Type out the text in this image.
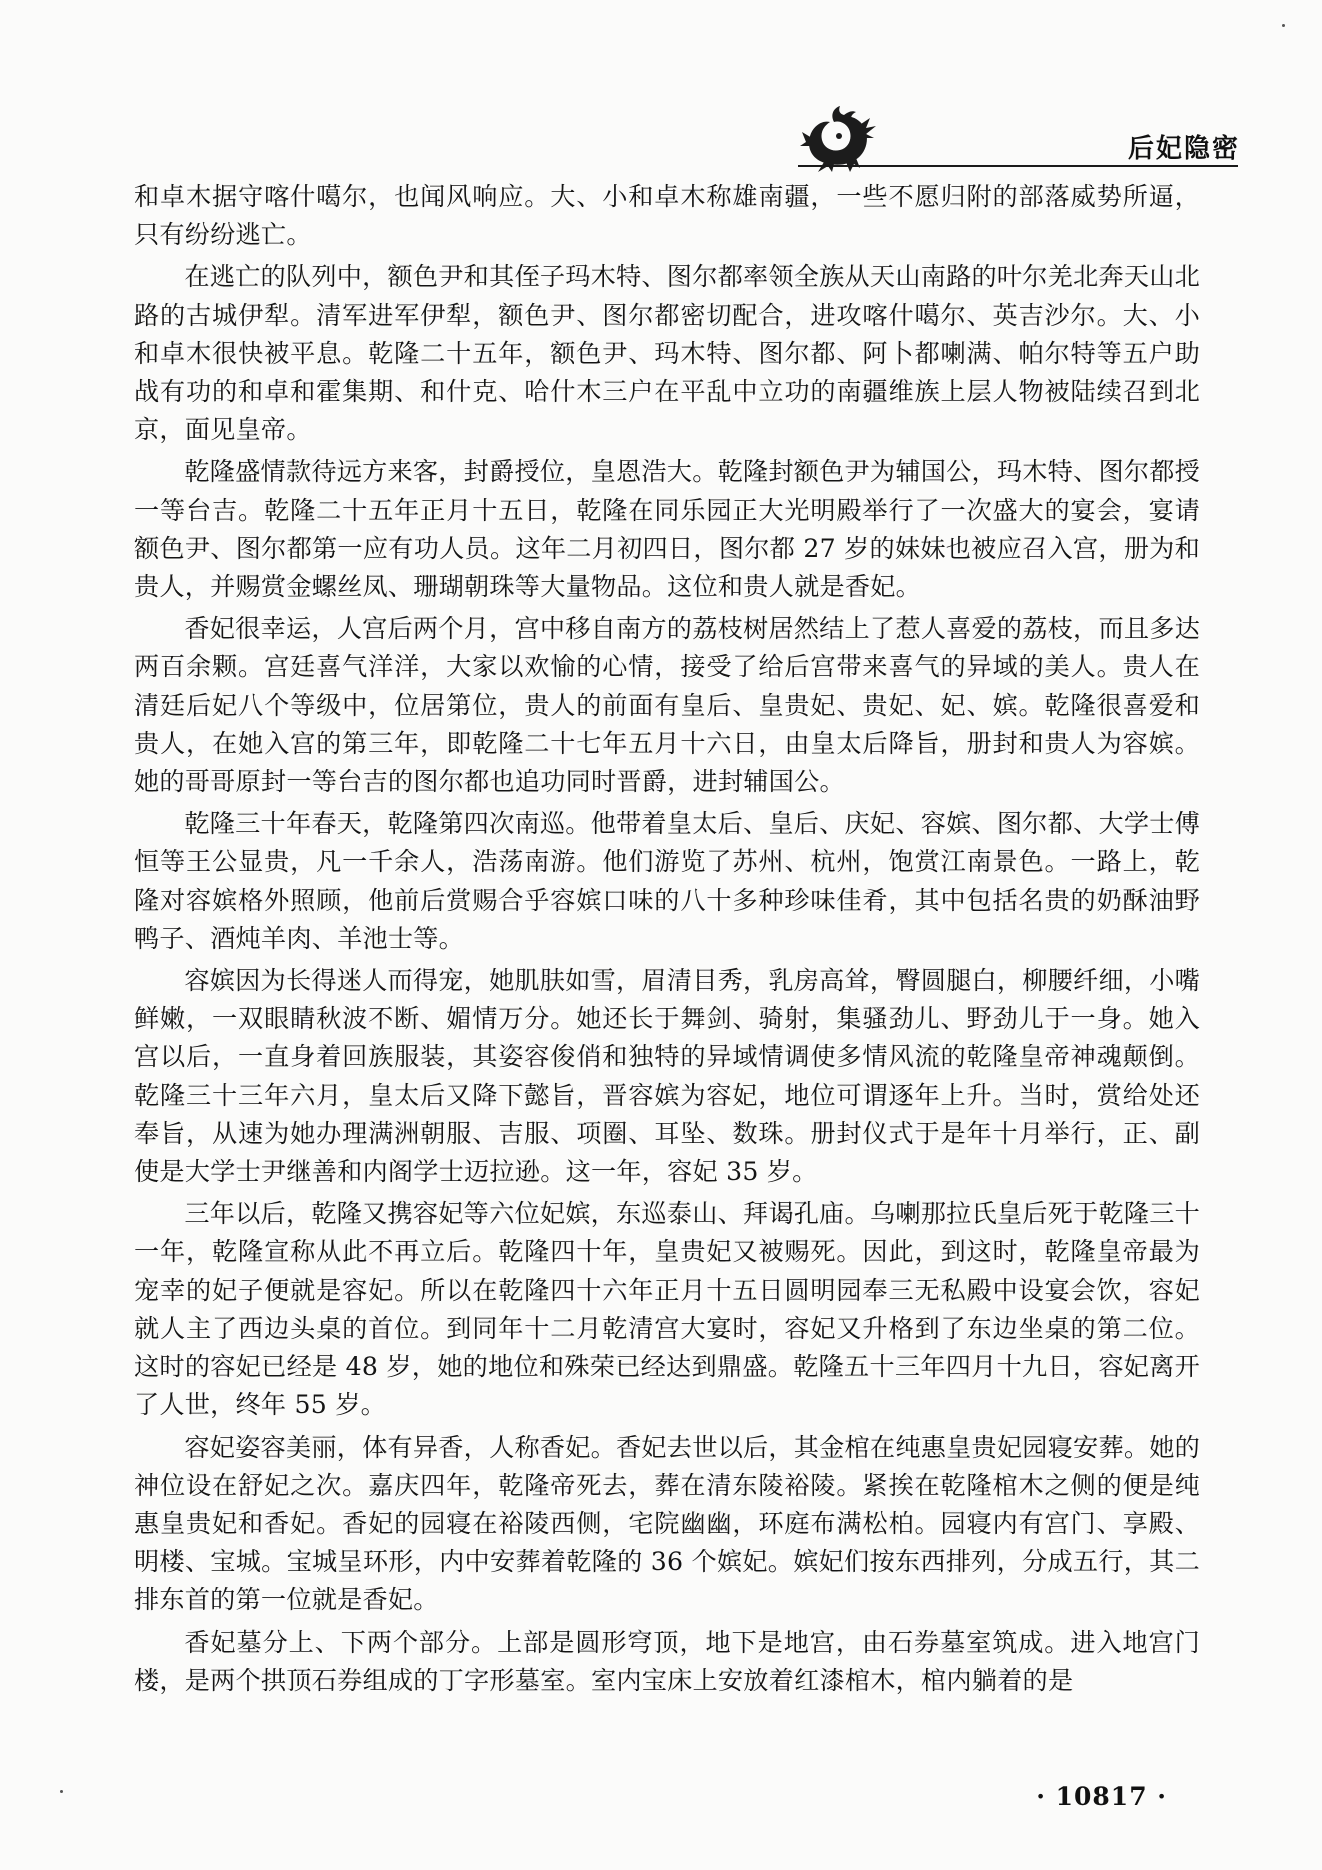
后妃隐密

和卓木据守喀什噶尔，也闻风响应。大、小和卓木称雄南疆，一些不愿归附的部落威势所逼，只有纷纷逃亡。

在逃亡的队列中，额色尹和其侄子玛木特、图尔都率领全族从天山南路的叶尔羌北奔天山北路的古城伊犁。清军进军伊犁，额色尹、图尔都密切配合，进攻喀什噶尔、英吉沙尔。大、小和卓木很快被平息。乾隆二十五年，额色尹、玛木特、图尔都、阿卜都喇满、帕尔特等五户助战有功的和卓和霍集期、和什克、哈什木三户在平乱中立功的南疆维族上层人物被陆续召到北京，面见皇帝。

乾隆盛情款待远方来客，封爵授位，皇恩浩大。乾隆封额色尹为辅国公，玛木特、图尔都授一等台吉。乾隆二十五年正月十五日，乾隆在同乐园正大光明殿举行了一次盛大的宴会，宴请额色尹、图尔都第一应有功人员。这年二月初四日，图尔都 27 岁的妹妹也被应召入宫，册为和贵人，并赐赏金螺丝凤、珊瑚朝珠等大量物品。这位和贵人就是香妃。

香妃很幸运，人宫后两个月，宫中移自南方的荔枝树居然结上了惹人喜爱的荔枝，而且多达两百余颗。宫廷喜气洋洋，大家以欢愉的心情，接受了给后宫带来喜气的异域的美人。贵人在清廷后妃八个等级中，位居第位，贵人的前面有皇后、皇贵妃、贵妃、妃、嫔。乾隆很喜爱和贵人，在她入宫的第三年，即乾隆二十七年五月十六日，由皇太后降旨，册封和贵人为容嫔。她的哥哥原封一等台吉的图尔都也追功同时晋爵，进封辅国公。

乾隆三十年春天，乾隆第四次南巡。他带着皇太后、皇后、庆妃、容嫔、图尔都、大学士傅恒等王公显贵，凡一千余人，浩荡南游。他们游览了苏州、杭州，饱赏江南景色。一路上，乾隆对容嫔格外照顾，他前后赏赐合乎容嫔口味的八十多种珍味佳肴，其中包括名贵的奶酥油野鸭子、酒炖羊肉、羊池士等。

容嫔因为长得迷人而得宠，她肌肤如雪，眉清目秀，乳房高耸，臀圆腿白，柳腰纤细，小嘴鲜嫩，一双眼睛秋波不断、媚情万分。她还长于舞剑、骑射，集骚劲儿、野劲儿于一身。她入宫以后，一直身着回族服装，其姿容俊俏和独特的异域情调使多情风流的乾隆皇帝神魂颠倒。乾隆三十三年六月，皇太后又降下懿旨，晋容嫔为容妃，地位可谓逐年上升。当时，赏给处还奉旨，从速为她办理满洲朝服、吉服、项圈、耳坠、数珠。册封仪式于是年十月举行，正、副使是大学士尹继善和内阁学士迈拉逊。这一年，容妃 35 岁。

三年以后，乾隆又携容妃等六位妃嫔，东巡泰山、拜谒孔庙。乌喇那拉氏皇后死于乾隆三十一年，乾隆宣称从此不再立后。乾隆四十年，皇贵妃又被赐死。因此，到这时，乾隆皇帝最为宠幸的妃子便就是容妃。所以在乾隆四十六年正月十五日圆明园奉三无私殿中设宴会饮，容妃就人主了西边头桌的首位。到同年十二月乾清宫大宴时，容妃又升格到了东边坐桌的第二位。这时的容妃已经是 48 岁，她的地位和殊荣已经达到鼎盛。乾隆五十三年四月十九日，容妃离开了人世，终年 55 岁。

容妃姿容美丽，体有异香，人称香妃。香妃去世以后，其金棺在纯惠皇贵妃园寝安葬。她的神位设在舒妃之次。嘉庆四年，乾隆帝死去，葬在清东陵裕陵。紧挨在乾隆棺木之侧的便是纯惠皇贵妃和香妃。香妃的园寝在裕陵西侧，宅院幽幽，环庭布满松柏。园寝内有宫门、享殿、明楼、宝城。宝城呈环形，内中安葬着乾隆的 36 个嫔妃。嫔妃们按东西排列，分成五行，其二排东首的第一位就是香妃。

香妃墓分上、下两个部分。上部是圆形穹顶，地下是地宫，由石券墓室筑成。进入地宫门楼，是两个拱顶石券组成的丁字形墓室。室内宝床上安放着红漆棺木，棺内躺着的是

· 10817 ·
